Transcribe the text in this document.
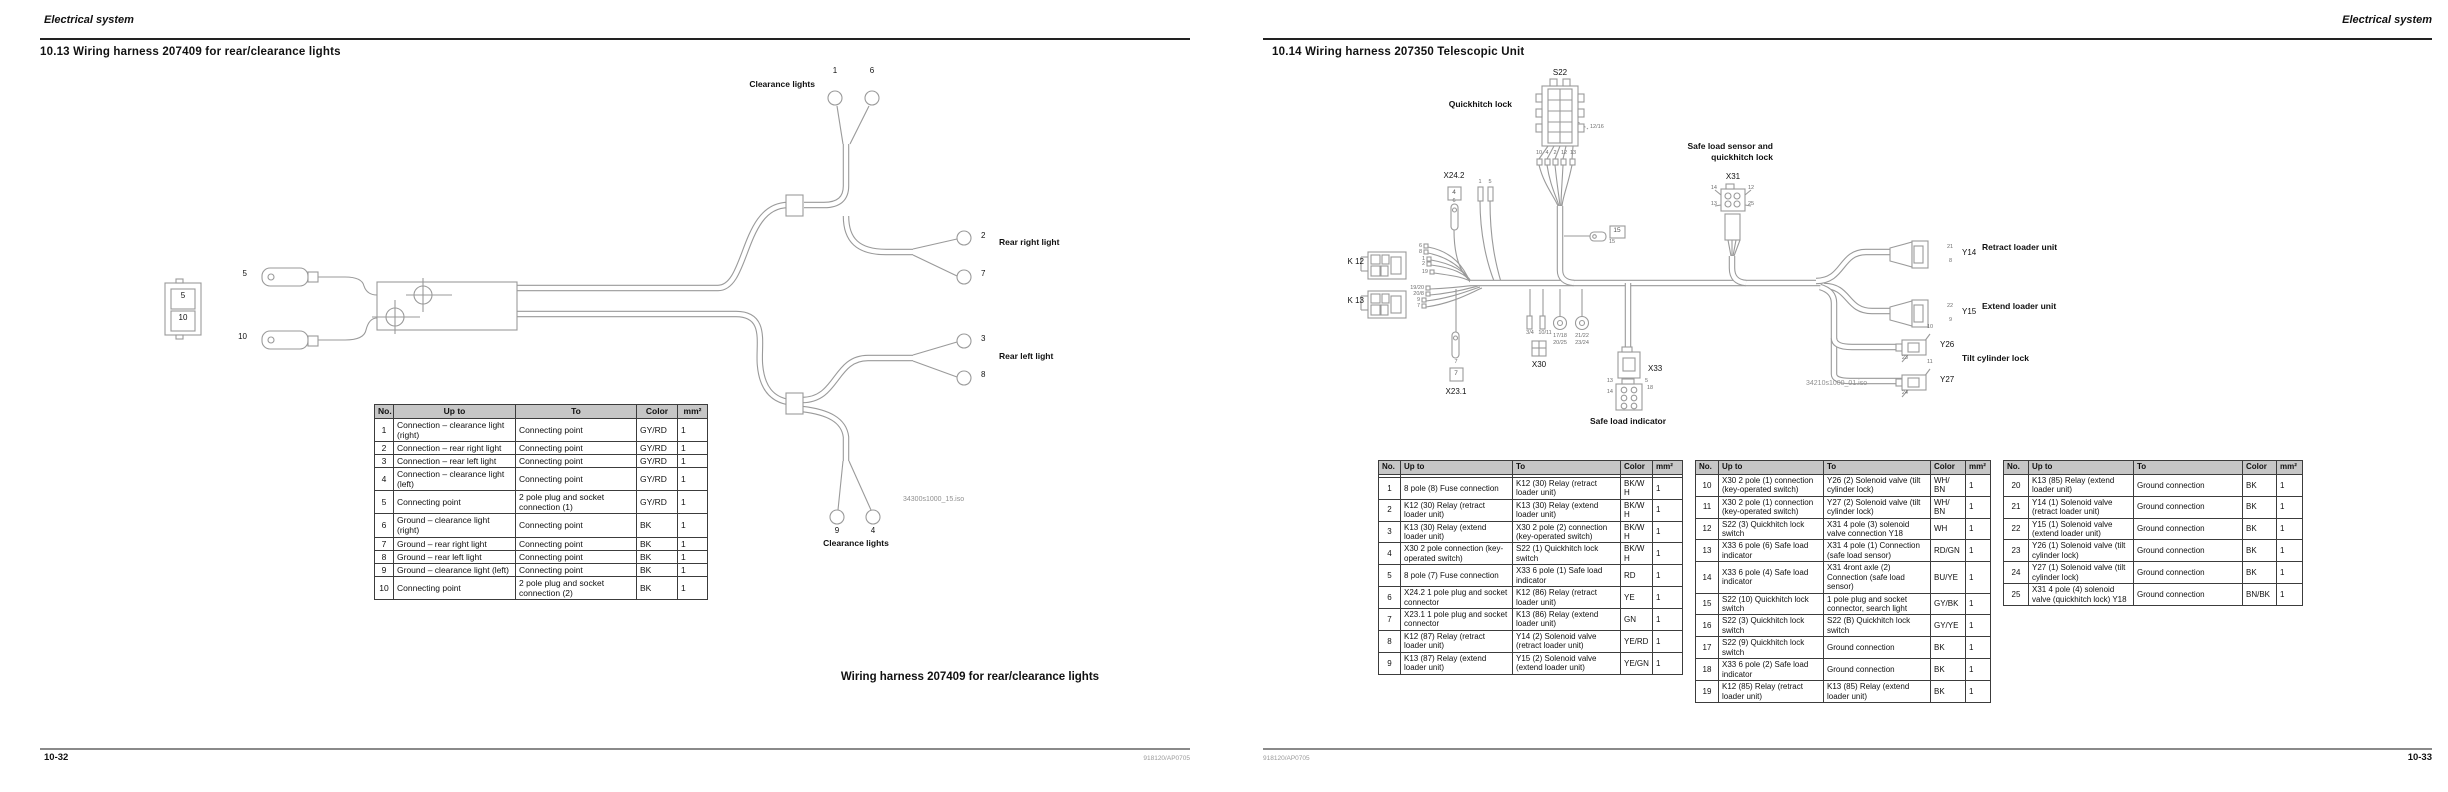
Electrical system
10.13 Wiring harness 207409 for rear/clearance lights
Clearance lights
1	6
2
Rear right light
7
3
Rear left light
8
9	4
Clearance lights
5
10
5
10
34300s1000_15.iso
No.	Up to	To	Color	mm²
1	Connection – clearance light (right)	Connecting point	GY/RD	1
2	Connection – rear right light	Connecting point	GY/RD	1
3	Connection – rear left light	Connecting point	GY/RD	1
4	Connection – clearance light (left)	Connecting point	GY/RD	1
5	Connecting point	2 pole plug and socket connection (1)	GY/RD	1
6	Ground – clearance light (right)	Connecting point	BK	1
7	Ground – rear right light	Connecting point	BK	1
8	Ground – rear left light	Connecting point	BK	1
9	Ground – clearance light (left)	Connecting point	BK	1
10	Connecting point	2 pole plug and socket connection (2)	BK	1
Wiring harness 207409 for rear/clearance lights
10-32	918120/AP0705
Electrical system
10.14 Wiring harness 207350 Telescopic Unit
S22
Quickhitch lock
12/16
Safe load sensor and
quickhitch lock
X31
X24.2
14	12
13	25
1 5
10 4 2 12 13
6
4
15
15
K 12
K 13
6
8
1
2
19
19/20
20/8
9
7
7
7
X23.1
3/4 10/11
X30
17/18
20/25
21/22
23/24
X33
13	5
18
14
Safe load indicator
21
8
Y14
Retract loader unit
22
9
Y15
Extend loader unit
10
23
Y26
Tilt cylinder lock
11
24
Y27
34210s1000_01.iso
No.	Up to	To	Color	mm²

1	8 pole (8) Fuse connection	K12 (30) Relay (retract loader unit)	BK/WH	1
2	K12 (30) Relay (retract loader unit)	K13 (30) Relay (extend loader unit)	BK/WH	1
3	K13 (30) Relay (extend loader unit)	X30 2 pole (2) connection (key-operated switch)	BK/WH	1
4	X30 2 pole connection (key-operated switch)	S22 (1) Quickhitch lock switch	BK/WH	1
5	8 pole (7) Fuse connection	X33 6 pole (1) Safe load indicator	RD	1
6	X24.2 1 pole plug and socket connector	K12 (86) Relay (retract loader unit)	YE	1
7	X23.1 1 pole plug and socket connector	K13 (86) Relay (extend loader unit)	GN	1
8	K12 (87) Relay (retract loader unit)	Y14 (2) Solenoid valve (retract loader unit)	YE/RD	1
9	K13 (87) Relay (extend loader unit)	Y15 (2) Solenoid valve (extend loader unit)	YE/GN	1
No.	Up to	To	Color	mm²
10	X30 2 pole (1) connection (key-operated switch)	Y26 (2) Solenoid valve (tilt cylinder lock)	WH/ BN	1
11	X30 2 pole (1) connection (key-operated switch)	Y27 (2) Solenoid valve (tilt cylinder lock)	WH/ BN	1
12	S22 (3) Quickhitch lock switch	X31 4 pole (3) solenoid valve connection Y18	WH	1
13	X33 6 pole (6) Safe load indicator	X31 4 pole (1) Connection (safe load sensor)	RD/GN	1
14	X33 6 pole (4) Safe load indicator	X31 4ront axle (2) Connection (safe load sensor)	BU/YE	1
15	S22 (10) Quickhitch lock switch	1 pole plug and socket connector, search light	GY/BK	1
16	S22 (3) Quickhitch lock switch	S22 (B) Quickhitch lock switch	GY/YE	1
17	S22 (9) Quickhitch lock switch	Ground connection	BK	1
18	X33 6 pole (2) Safe load indicator	Ground connection	BK	1
19	K12 (85) Relay (retract loader unit)	K13 (85) Relay (extend loader unit)	BK	1
No.	Up to	To	Color	mm²
20	K13 (85) Relay (extend loader unit)	Ground connection	BK	1
21	Y14 (1) Solenoid valve (retract loader unit)	Ground connection	BK	1
22	Y15 (1) Solenoid valve (extend loader unit)	Ground connection	BK	1
23	Y26 (1) Solenoid valve (tilt cylinder lock)	Ground connection	BK	1
24	Y27 (1) Solenoid valve (tilt cylinder lock)	Ground connection	BK	1
25	X31 4 pole (4) solenoid valve (quickhitch lock) Y18	Ground connection	BN/BK	1
918120/AP0705	10-33
